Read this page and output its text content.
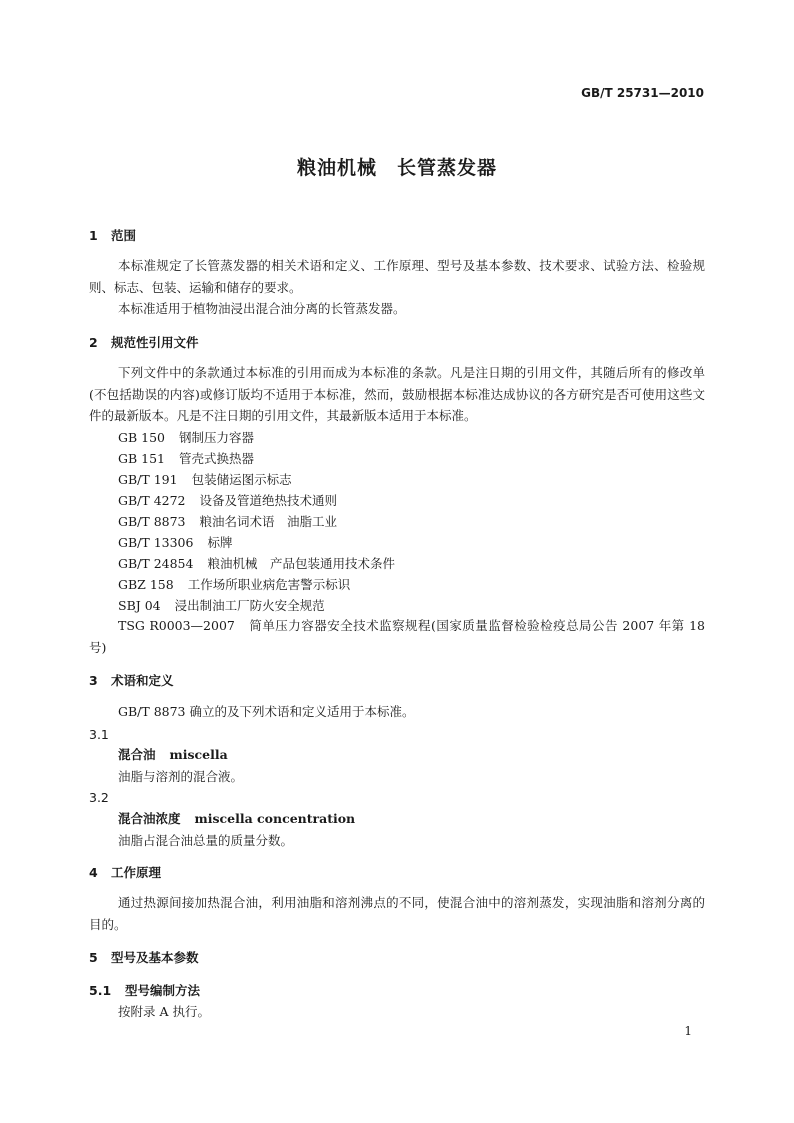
GB/T 25731—2010
粮油机械　长管蒸发器
1 范围
本标准规定了长管蒸发器的相关术语和定义、工作原理、型号及基本参数、技术要求、试验方法、检验规则、标志、包装、运输和储存的要求。
本标准适用于植物油浸出混合油分离的长管蒸发器。
2 规范性引用文件
下列文件中的条款通过本标准的引用而成为本标准的条款。凡是注日期的引用文件，其随后所有的修改单(不包括勘误的内容)或修订版均不适用于本标准，然而，鼓励根据本标准达成协议的各方研究是否可使用这些文件的最新版本。凡是不注日期的引用文件，其最新版本适用于本标准。
GB 150 钢制压力容器
GB 151 管壳式换热器
GB/T 191 包装储运图示标志
GB/T 4272 设备及管道绝热技术通则
GB/T 8873 粮油名词术语　油脂工业
GB/T 13306 标牌
GB/T 24854 粮油机械　产品包装通用技术条件
GBZ 158 工作场所职业病危害警示标识
SBJ 04 浸出制油工厂防火安全规范
TSG R0003—2007 简单压力容器安全技术监察规程(国家质量监督检验检疫总局公告 2007 年第 18 号)
3 术语和定义
GB/T 8873 确立的及下列术语和定义适用于本标准。
3.1
混合油 miscella
油脂与溶剂的混合液。
3.2
混合油浓度 miscella concentration
油脂占混合油总量的质量分数。
4 工作原理
通过热源间接加热混合油，利用油脂和溶剂沸点的不同，使混合油中的溶剂蒸发，实现油脂和溶剂分离的目的。
5 型号及基本参数
5.1 型号编制方法
按附录 A 执行。
1
